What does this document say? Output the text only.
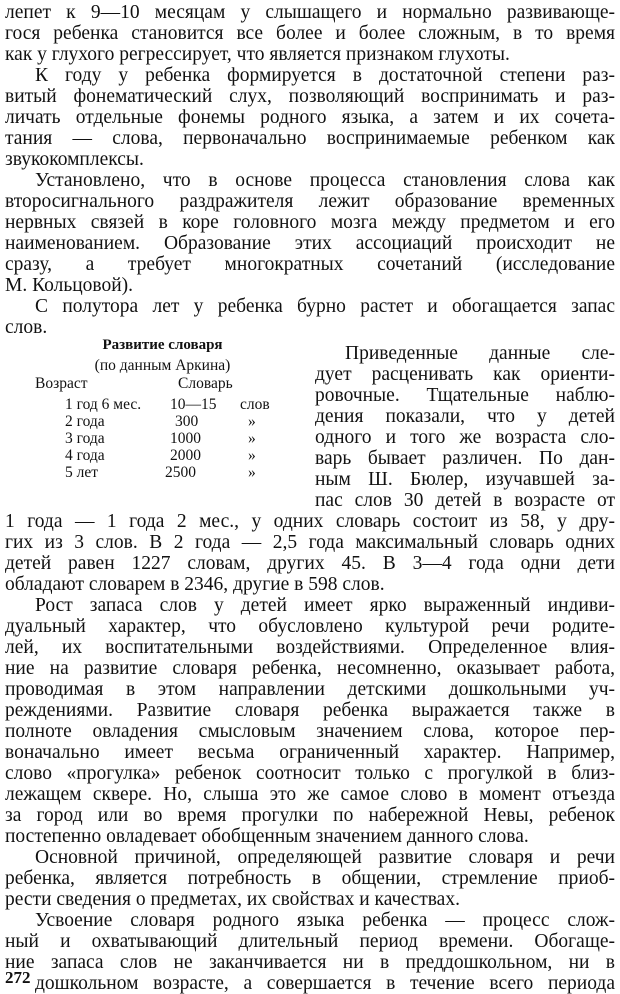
лепет к 9—10 месяцам у слышащего и нормально развивающе-
гося ребенка становится все более и более сложным, в то время
как у глухого регрессирует, что является признаком глухоты.
К году у ребенка формируется в достаточной степени раз-
витый фонематический слух, позволяющий воспринимать и раз-
личать отдельные фонемы родного языка, а затем и их сочета-
тания — слова, первоначально воспринимаемые ребенком как
звукокомплексы.
Установлено, что в основе процесса становления слова как
второсигнального раздражителя лежит образование временных
нервных связей в коре головного мозга между предметом и его
наименованием. Образование этих ассоциаций происходит не
сразу, а требует многократных сочетаний (исследование
М. Кольцовой).
С полутора лет у ребенка бурно растет и обогащается запас
слов.
Развитие словаря
(по данным Аркина)
Возраст	Словарь
1 год 6 мес. 10—15 слов
2 года	300	»
3 года	1000	»
4 года	2000	»
5 лет	2500	»
Приведенные данные сле-
дует расценивать как ориенти-
ровочные. Тщательные наблю-
дения показали, что у детей
одного и того же возраста сло-
варь бывает различен. По дан-
ным Ш. Бюлер, изучавшей за-
пас слов 30 детей в возрасте от
1 года — 1 года 2 мес., у одних словарь состоит из 58, у дру-
гих из 3 слов. В 2 года — 2,5 года максимальный словарь одних
детей равен 1227 словам, других 45. В 3—4 года одни дети
обладают словарем в 2346, другие в 598 слов.
Рост запаса слов у детей имеет ярко выраженный индиви-
дуальный характер, что обусловлено культурой речи родите-
лей, их воспитательными воздействиями. Определенное влия-
ние на развитие словаря ребенка, несомненно, оказывает работа,
проводимая в этом направлении детскими дошкольными уч-
реждениями. Развитие словаря ребенка выражается также в
полноте овладения смысловым значением слова, которое пер-
воначально имеет весьма ограниченный характер. Например,
слово «прогулка» ребенок соотносит только с прогулкой в близ-
лежащем сквере. Но, слыша это же самое слово в момент отъезда
за город или во время прогулки по набережной Невы, ребенок
постепенно овладевает обобщенным значением данного слова.
Основной причиной, определяющей развитие словаря и речи
ребенка, является потребность в общении, стремление приоб-
рести сведения о предметах, их свойствах и качествах.
Усвоение словаря родного языка ребенка — процесс слож-
ный и охватывающий длительный период времени. Обогаще-
ние запаса слов не заканчивается ни в преддошкольном, ни в
272 дошкольном возрасте, а совершается в течение всего периода
